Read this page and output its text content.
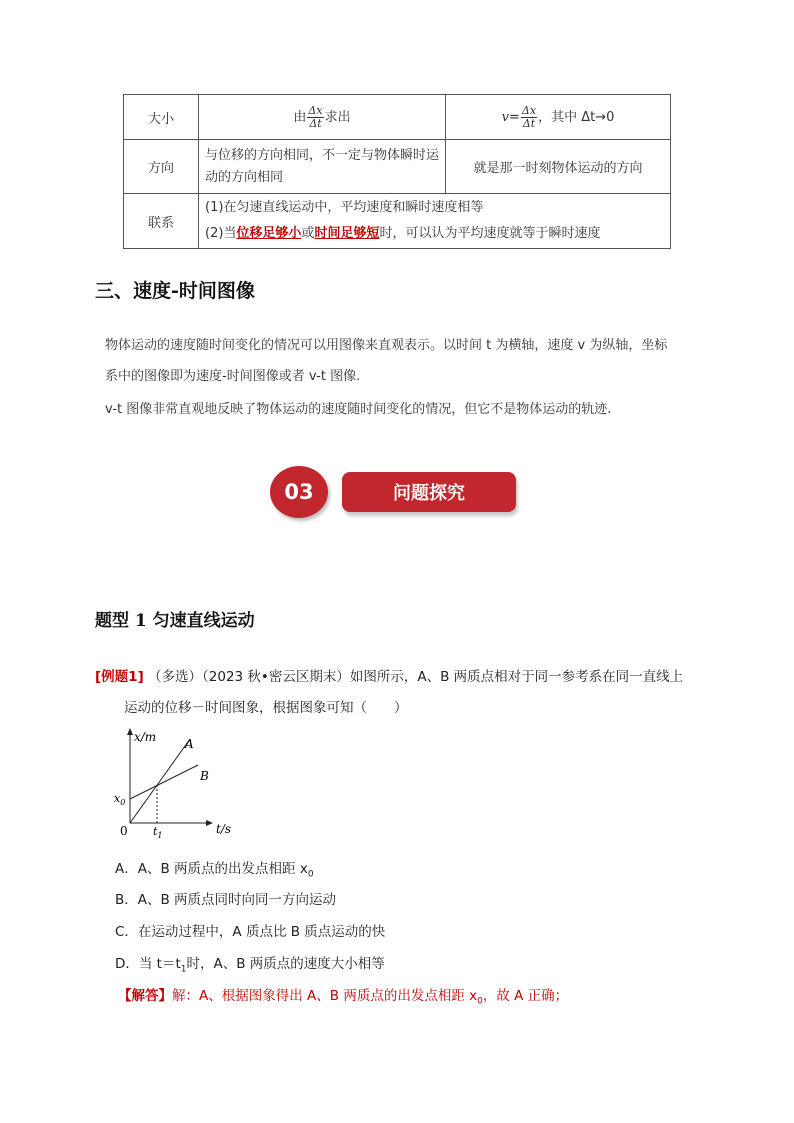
大小	由 $\frac{\Delta x}{\Delta t}$ 求出	$v= \frac{\Delta x}{\Delta t}$ ，其中 Δt→0
方向	与位移的方向相同，不一定与物体瞬时运动的方向相同	就是那一时刻物体运动的方向
联系	(1)在匀速直线运动中，平均速度和瞬时速度相等
(2)当位移足够小或时间足够短时，可以认为平均速度就等于瞬时速度	
三、速度-时间图像
物体运动的速度随时间变化的情况可以用图像来直观表示。以时间 t 为横轴，速度 v 为纵轴，坐标
系中的图像即为速度-时间图像或者 v-t 图像.
v-t 图像非常直观地反映了物体运动的速度随时间变化的情况，但它不是物体运动的轨迹.
问题探究
03
题型 1 匀速直线运动
[例题1] （多选）（2023 秋•密云区期末）如图所示，A、B 两质点相对于同一参考系在同一直线上
运动的位移－时间图象，根据图象可知（　　）
x/m
t/s
0
$x_0$
$t_1$
A
B
A．A、B 两质点的出发点相距 $x_0$
B．A、B 两质点同时向同一方向运动
C．在运动过程中，A 质点比 B 质点运动的快
D．当 $t=t_1$时，A、B 两质点的速度大小相等
【解答】解：A、根据图象得出 A、B 两质点的出发点相距 $x_0$，故 A 正确；
